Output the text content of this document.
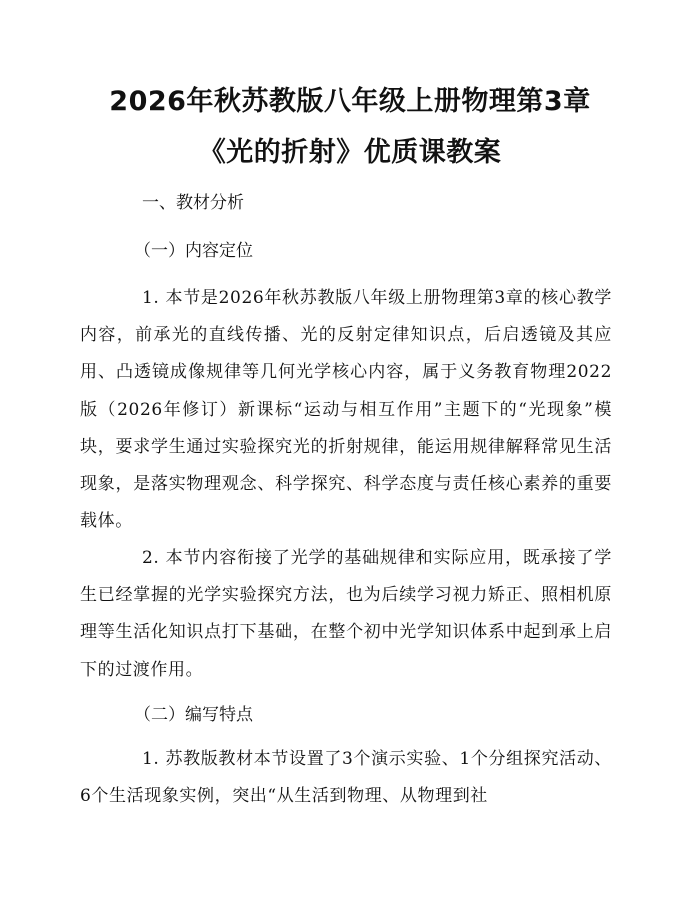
2026年秋苏教版八年级上册物理第3章《光的折射》优质课教案

一、教材分析

（一）内容定位

1. 本节是2026年秋苏教版八年级上册物理第3章的核心教学内容，前承光的直线传播、光的反射定律知识点，后启透镜及其应用、凸透镜成像规律等几何光学核心内容，属于义务教育物理2022版（2026年修订）新课标“运动与相互作用”主题下的“光现象”模块，要求学生通过实验探究光的折射规律，能运用规律解释常见生活现象，是落实物理观念、科学探究、科学态度与责任核心素养的重要载体。

2. 本节内容衔接了光学的基础规律和实际应用，既承接了学生已经掌握的光学实验探究方法，也为后续学习视力矫正、照相机原理等生活化知识点打下基础，在整个初中光学知识体系中起到承上启下的过渡作用。

（二）编写特点

1. 苏教版教材本节设置了3个演示实验、1个分组探究活动、6个生活现象实例，突出“从生活到物理、从物理到社
